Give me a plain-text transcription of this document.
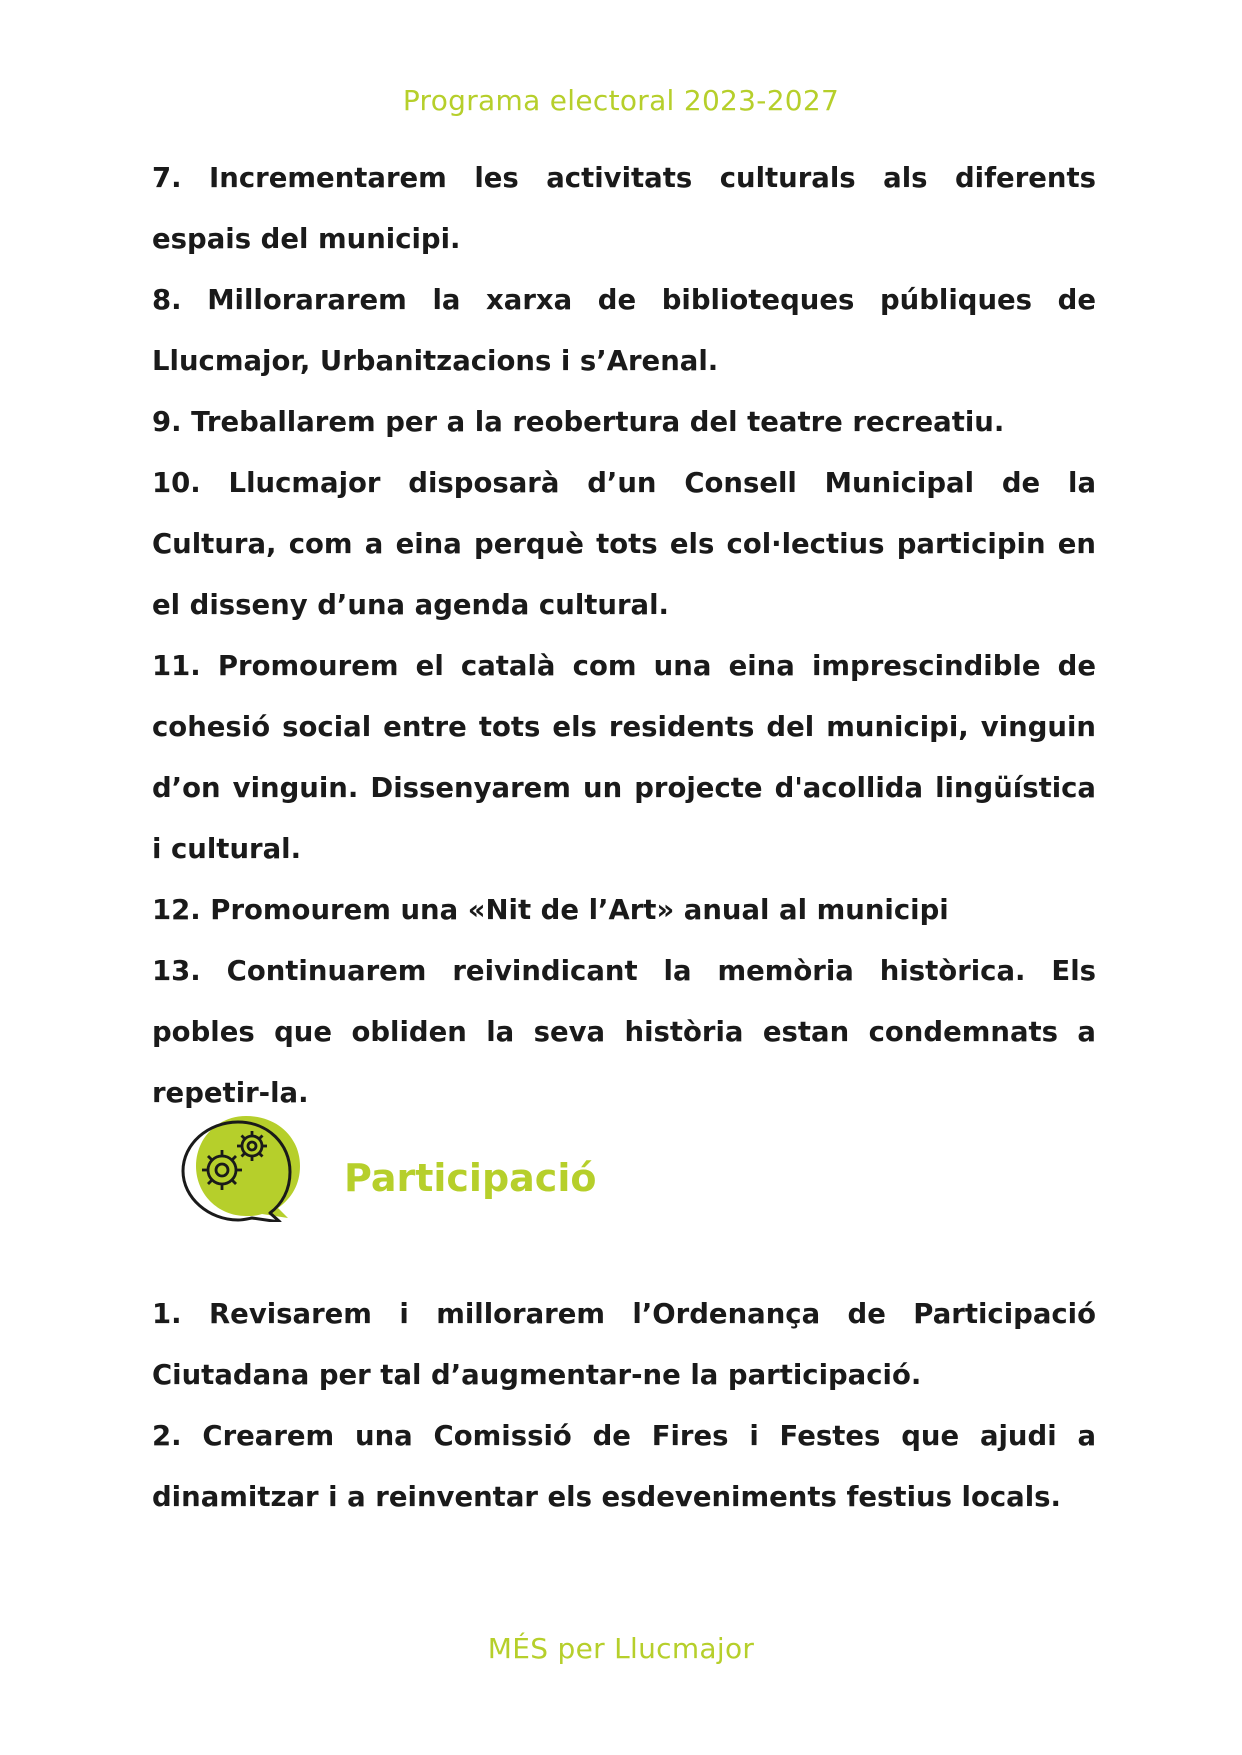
Programa electoral 2023-2027

7. Incrementarem les activitats culturals als diferents espais del municipi.

8. Millorararem la xarxa de biblioteques públiques de Llucmajor, Urbanitzacions i s’Arenal.

9. Treballarem per a la reobertura del teatre recreatiu.

10. Llucmajor disposarà d’un Consell Municipal de la Cultura, com a eina perquè tots els col·lectius participin en el disseny d’una agenda cultural.

11. Promourem el català com una eina imprescindible de cohesió social entre tots els residents del municipi, vinguin d’on vinguin. Dissenyarem un projecte d'acollida lingüística i cultural.

12. Promourem una «Nit de l’Art» anual al municipi

13. Continuarem reivindicant la memòria històrica. Els pobles que obliden la seva història estan condemnats a repetir-la.

Participació

1. Revisarem i millorarem l’Ordenança de Participació Ciutadana per tal d’augmentar-ne la participació.

2. Crearem una Comissió de Fires i Festes que ajudi a dinamitzar i a reinventar els esdeveniments festius locals.

MÉS per Llucmajor
